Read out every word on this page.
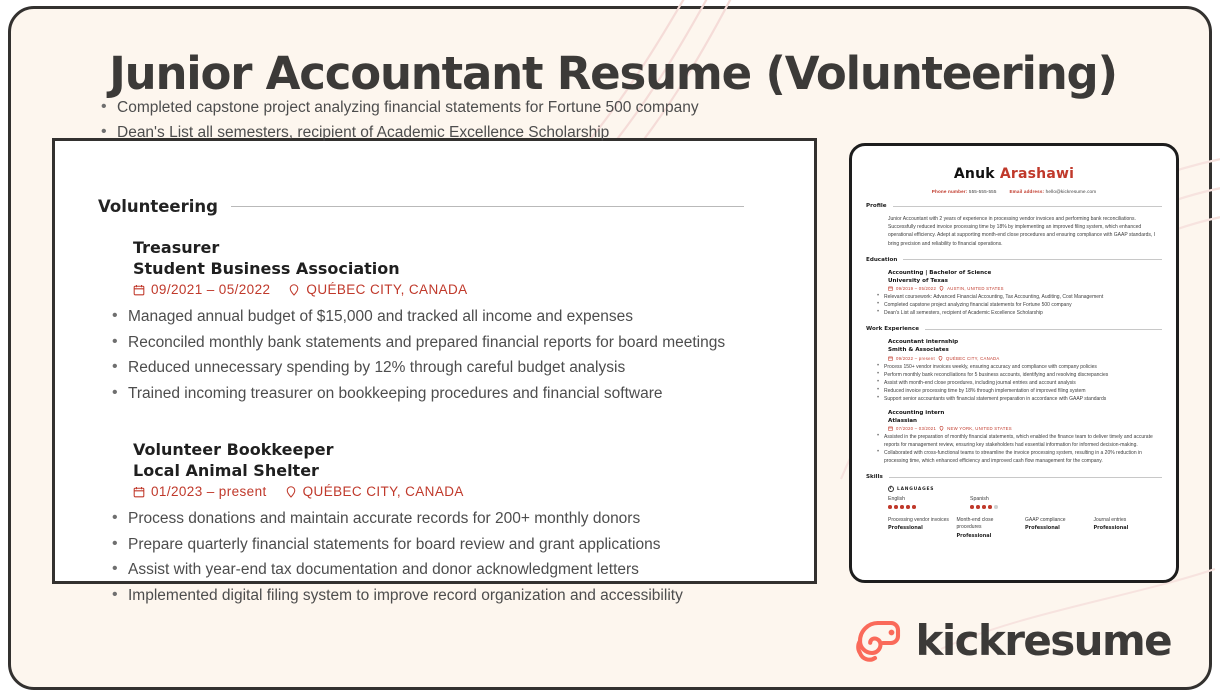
Junior Accountant Resume (Volunteering)
• Completed capstone project analyzing financial statements for Fortune 500 company
• Dean's List all semesters, recipient of Academic Excellence Scholarship
Volunteering
Treasurer
Student Business Association
09/2021 – 05/2022	QUÉBEC CITY, CANADA
• Managed annual budget of $15,000 and tracked all income and expenses
• Reconciled monthly bank statements and prepared financial reports for board meetings
• Reduced unnecessary spending by 12% through careful budget analysis
• Trained incoming treasurer on bookkeeping procedures and financial software
Volunteer Bookkeeper
Local Animal Shelter
01/2023 – present	QUÉBEC CITY, CANADA
• Process donations and maintain accurate records for 200+ monthly donors
• Prepare quarterly financial statements for board review and grant applications
• Assist with year-end tax documentation and donor acknowledgment letters
• Implemented digital filing system to improve record organization and accessibility
Anuk Arashawi
Phone number: 555-555-555	Email address: hello@kickresume.com
Profile
Junior Accountant with 2 years of experience in processing vendor invoices and performing bank reconciliations. Successfully reduced invoice processing time by 18% by implementing an improved filing system, which enhanced operational efficiency. Adept at supporting month-end close procedures and ensuring compliance with GAAP standards, I bring precision and reliability to financial operations.
Education
Accounting | Bachelor of Science
University of Texas
09/2019 – 05/2022	AUSTIN, UNITED STATES
• Relevant coursework: Advanced Financial Accounting, Tax Accounting, Auditing, Cost Management
• Completed capstone project analyzing financial statements for Fortune 500 company
• Dean's List all semesters, recipient of Academic Excellence Scholarship
Work Experience
Accountant internship
Smith & Associates
09/2022 – present	QUÉBEC CITY, CANADA
• Process 150+ vendor invoices weekly, ensuring accuracy and compliance with company policies
• Perform monthly bank reconciliations for 5 business accounts, identifying and resolving discrepancies
• Assist with month-end close procedures, including journal entries and account analysis
• Reduced invoice processing time by 18% through implementation of improved filing system
• Support senior accountants with financial statement preparation in accordance with GAAP standards
Accounting intern
Atlassian
07/2020 – 03/2021	NEW YORK, UNITED STATES
• Assisted in the preparation of monthly financial statements, which enabled the finance team to deliver timely and accurate reports for management review, ensuring key stakeholders had essential information for informed decision-making.
• Collaborated with cross-functional teams to streamline the invoice processing system, resulting in a 20% reduction in processing time, which enhanced efficiency and improved cash flow management for the company.
Skills
i	LANGUAGES
English	Spanish
Processing vendor invoices
Professional
Month-end close procedures
Professional
GAAP compliance
Professional
Journal entries
Professional
kickresume
